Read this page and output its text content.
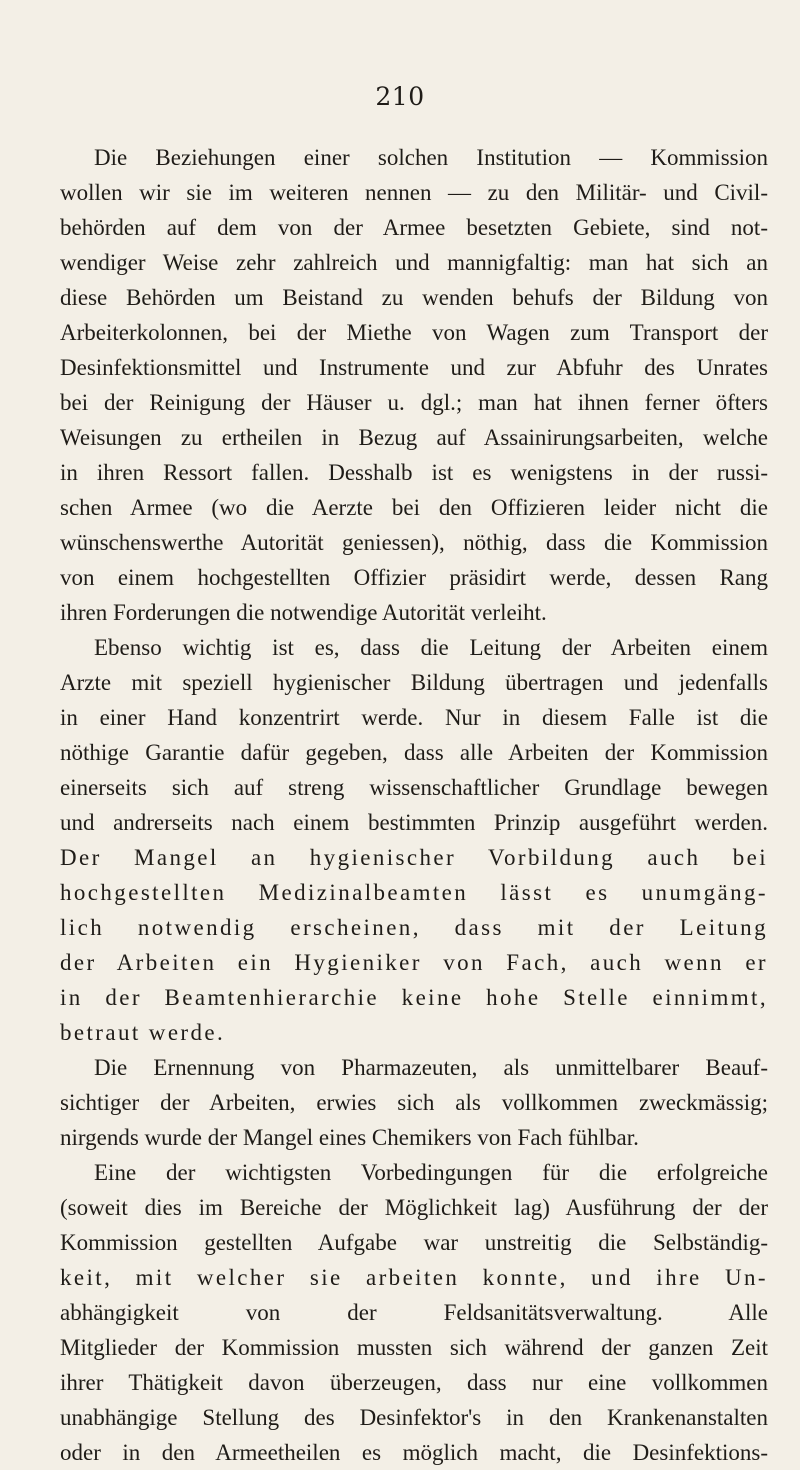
210
Die Beziehungen einer solchen Institution — Kommission
wollen wir sie im weiteren nennen — zu den Militär- und Civil-
behörden auf dem von der Armee besetzten Gebiete, sind not-
wendiger Weise zehr zahlreich und mannigfaltig: man hat sich an
diese Behörden um Beistand zu wenden behufs der Bildung von
Arbeiterkolonnen, bei der Miethe von Wagen zum Transport der
Desinfektionsmittel und Instrumente und zur Abfuhr des Unrates
bei der Reinigung der Häuser u. dgl.; man hat ihnen ferner öfters
Weisungen zu ertheilen in Bezug auf Assainirungsarbeiten, welche
in ihren Ressort fallen. Desshalb ist es wenigstens in der russi-
schen Armee (wo die Aerzte bei den Offizieren leider nicht die
wünschenswerthe Autorität geniessen), nöthig, dass die Kommission
von einem hochgestellten Offizier präsidirt werde, dessen Rang
ihren Forderungen die notwendige Autorität verleiht.
Ebenso wichtig ist es, dass die Leitung der Arbeiten einem
Arzte mit speziell hygienischer Bildung übertragen und jedenfalls
in einer Hand konzentrirt werde. Nur in diesem Falle ist die
nöthige Garantie dafür gegeben, dass alle Arbeiten der Kommission
einerseits sich auf streng wissenschaftlicher Grundlage bewegen
und andrerseits nach einem bestimmten Prinzip ausgeführt werden.
Der Mangel an hygienischer Vorbildung auch bei
hochgestellten Medizinalbeamten lässt es unumgäng-
lich notwendig erscheinen, dass mit der Leitung
der Arbeiten ein Hygieniker von Fach, auch wenn er
in der Beamtenhierarchie keine hohe Stelle einnimmt,
betraut werde.
Die Ernennung von Pharmazeuten, als unmittelbarer Beauf-
sichtiger der Arbeiten, erwies sich als vollkommen zweckmässig;
nirgends wurde der Mangel eines Chemikers von Fach fühlbar.
Eine der wichtigsten Vorbedingungen für die erfolgreiche
(soweit dies im Bereiche der Möglichkeit lag) Ausführung der der
Kommission gestellten Aufgabe war unstreitig die Selbständig-
keit, mit welcher sie arbeiten konnte, und ihre Un-
abhängigkeit von der Feldsanitätsverwaltung. Alle
Mitglieder der Kommission mussten sich während der ganzen Zeit
ihrer Thätigkeit davon überzeugen, dass nur eine vollkommen
unabhängige Stellung des Desinfektor's in den Krankenanstalten
oder in den Armeetheilen es möglich macht, die Desinfektions-
